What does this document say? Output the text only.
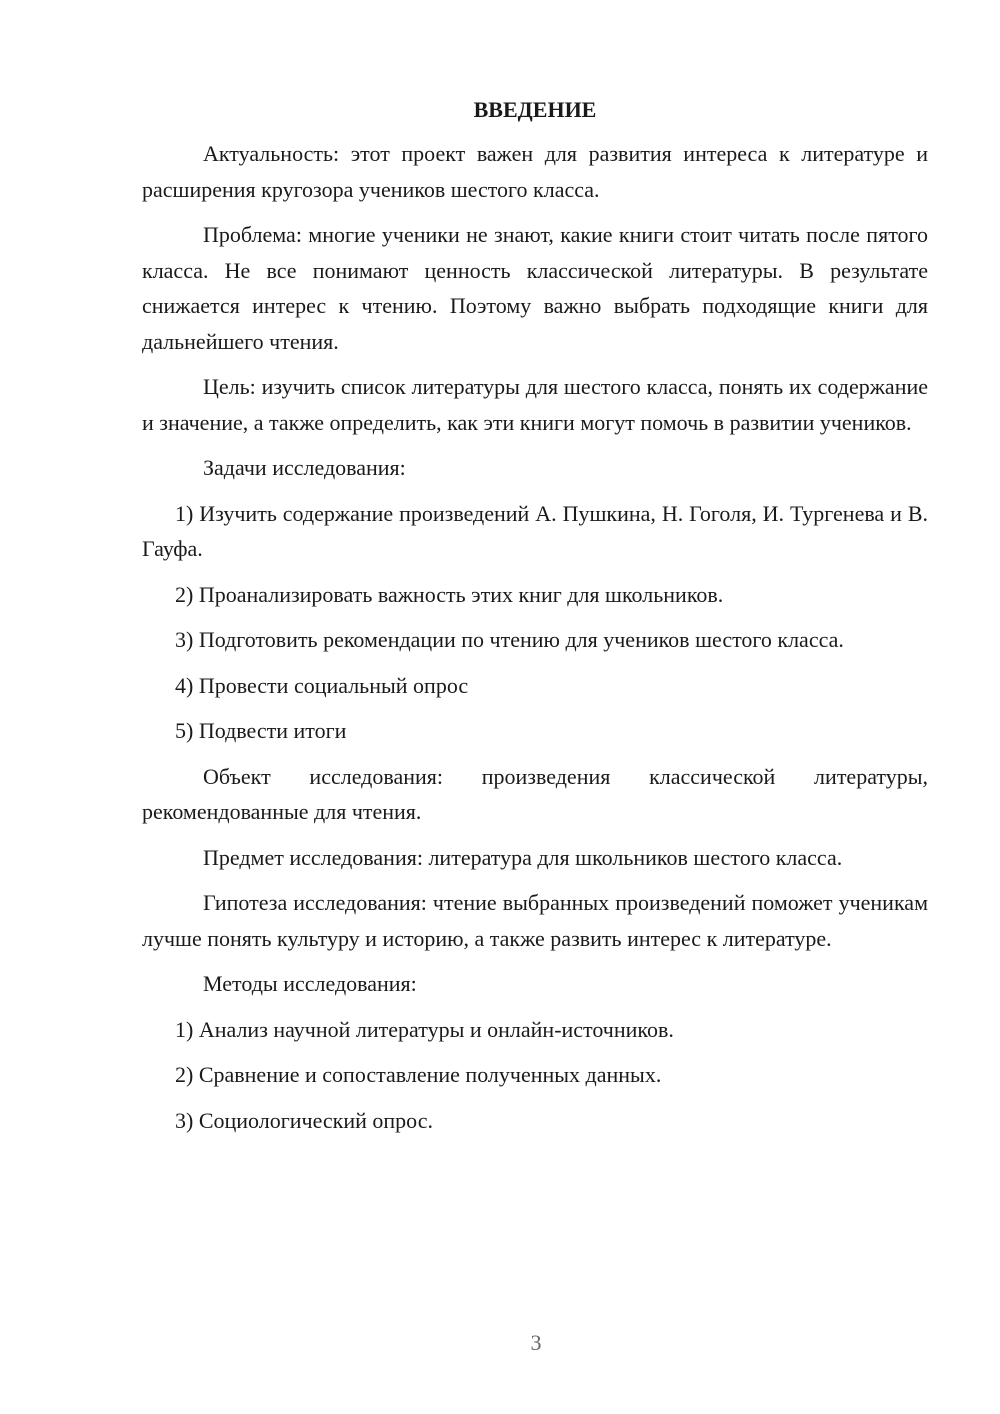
ВВЕДЕНИЕ

Актуальность: этот проект важен для развития интереса к литературе и расширения кругозора учеников шестого класса.

Проблема: многие ученики не знают, какие книги стоит читать после пятого класса. Не все понимают ценность классической литературы. В результате снижается интерес к чтению. Поэтому важно выбрать подходящие книги для дальнейшего чтения.

Цель: изучить список литературы для шестого класса, понять их содержание и значение, а также определить, как эти книги могут помочь в развитии учеников.

Задачи исследования:

1) Изучить содержание произведений А. Пушкина, Н. Гоголя, И. Тургенева и В. Гауфа.

2) Проанализировать важность этих книг для школьников.

3) Подготовить рекомендации по чтению для учеников шестого класса.

4) Провести социальный опрос

5) Подвести итоги

Объект исследования: произведения классической литературы, рекомендованные для чтения.

Предмет исследования: литература для школьников шестого класса.

Гипотеза исследования: чтение выбранных произведений поможет ученикам лучше понять культуру и историю, а также развить интерес к литературе.

Методы исследования:

1) Анализ научной литературы и онлайн-источников.

2) Сравнение и сопоставление полученных данных.

3) Социологический опрос.

3
